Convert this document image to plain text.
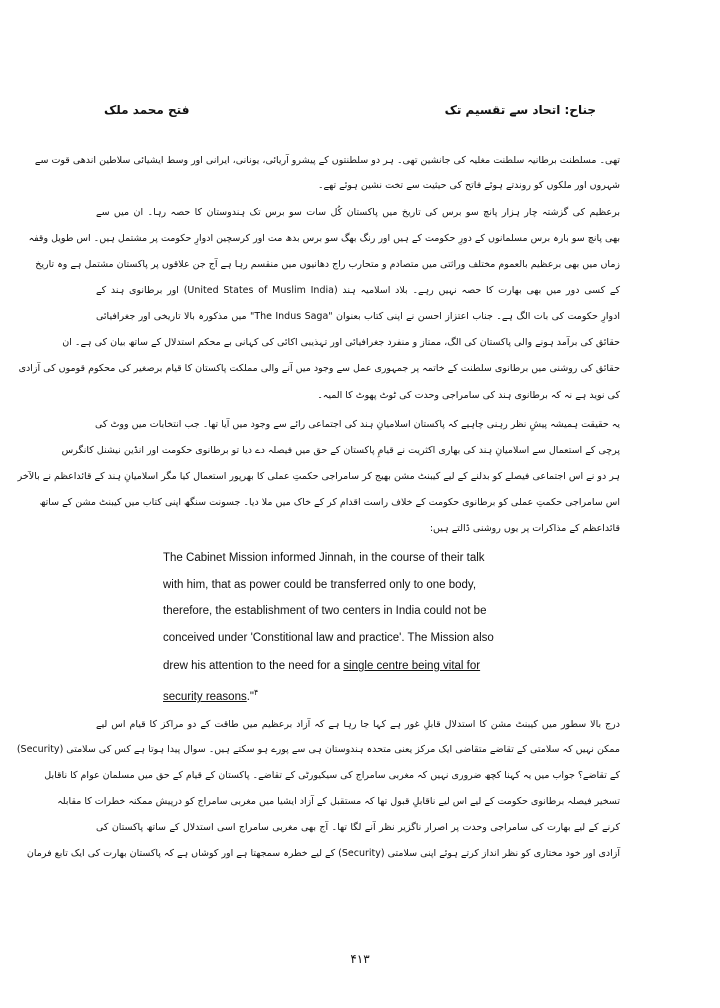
جناح: اتحاد سے تقسیم تک
فتح محمد ملک
تھی۔ مسلطنت برطانیہ سلطنت مغلیہ کی جانشین تھی۔ ہر دو سلطنتوں کے پیشرو آریائی، یونانی، ایرانی اور وسط ایشیائی سلاطین اندھی قوت سے
شہروں اور ملکوں کو روندتے ہوئے فاتح کی حیثیت سے تخت نشین ہوئے تھے۔
برعظیم کی گزشتہ چار ہزار پانچ سو برس کی تاریخ میں پاکستان کُل سات سو برس تک ہندوستان کا حصہ رہا۔ ان میں سے
بھی پانچ سو بارہ برس مسلمانوں کے دورِ حکومت کے ہیں اور رنگ بھگ سو برس بدھ مت اور کرسچین ادوارِ حکومت پر مشتمل ہیں۔ اس طویل وقفہ
زماں میں بھی برعظیم بالعموم مختلف وراثتی میں متصادم و متحارب راج دھانیوں میں منقسم رہا ہے آج جن علاقوں پر پاکستان مشتمل ہے وہ تاریخ
کے کسی دور میں بھی بھارت کا حصہ نہیں رہے۔ بلاد اسلامیہ ہند (United States of Muslim India) اور برطانوی ہند کے
ادوارِ حکومت کی بات الگ ہے۔ جناب اعتزاز احسن نے اپنی کتاب بعنوان "The Indus Saga" میں مذکورہ بالا تاریخی اور جغرافیائی
حقائق کی برآمد ہونے والی پاکستان کی الگ، ممتاز و منفرد جغرافیائی اور تہذیبی اکائی کی کہانی بے محکم استدلال کے ساتھ بیان کی ہے۔ ان
حقائق کی روشنی میں برطانوی سلطنت کے خاتمہ پر جمہوری عمل سے وجود میں آنے والی مملکت پاکستان کا قیام برصغیر کی محکوم قوموں کی آزادی
کی نوید ہے نہ کہ برطانوی ہند کی سامراجی وحدت کی ٹوٹ پھوٹ کا المیہ۔
یہ حقیقت ہمیشہ پیشِ نظر رہنی چاہیے کہ پاکستان اسلامیانِ ہند کی اجتماعی رائے سے وجود میں آیا تھا۔ جب انتخابات میں ووٹ کی
پرچی کے استعمال سے اسلامیانِ ہند کی بھاری اکثریت نے قیامِ پاکستان کے حق میں فیصلہ دے دیا تو برطانوی حکومت اور انڈین نیشنل کانگرس
ہر دو نے اس اجتماعی فیصلے کو بدلنے کے لیے کیبنٹ مشن بھیج کر سامراجی حکمتِ عملی کا بھرپور استعمال کیا مگر اسلامیانِ ہند کے قائداعظم نے بالآخر
اس سامراجی حکمتِ عملی کو برطانوی حکومت کے خلاف راست اقدام کر کے خاک میں ملا دیا۔ جسونت سنگھ اپنی کتاب میں کیبنٹ مشن کے ساتھ
قائداعظم کے مذاکرات پر یوں روشنی ڈالتے ہیں:
The Cabinet Mission informed Jinnah, in the course of their talk
with him, that as power could be transferred only to one body,
therefore, the establishment of two centers in India could not be
conceived under 'Constitional law and practice'. The Mission also
drew his attention to the need for a single centre being vital for
security reasons."$^۴$
درج بالا سطور میں کیبنٹ مشن کا استدلال قابلِ غور ہے کہا جا رہا ہے کہ آزاد برعظیم میں طاقت کے دو مراکز کا قیام اس لیے
ممکن نہیں کہ سلامتی کے تقاضے متقاضی ایک مرکز یعنی متحدہ ہندوستان ہی سے پورے ہو سکتے ہیں۔ سوال پیدا ہوتا ہے کس کی سلامتی (Security)
کے تقاضے؟ جواب میں یہ کہنا کچھ ضروری نہیں کہ مغربی سامراج کی سیکیورٹی کے تقاضے۔ پاکستان کے قیام کے حق میں مسلمان عوام کا ناقابل
تسخیر فیصلہ برطانوی حکومت کے لیے اس لیے ناقابلِ قبول تھا کہ مستقبل کے آزاد ایشیا میں مغربی سامراج کو درپیش ممکنہ خطرات کا مقابلہ
کرنے کے لیے بھارت کی سامراجی وحدت پر اصرار ناگزیر نظر آنے لگا تھا۔ آج بھی مغربی سامراج اسی استدلال کے ساتھ پاکستان کی
آزادی اور خود مختاری کو نظر انداز کرتے ہوئے اپنی سلامتی (Security) کے لیے خطرہ سمجھتا ہے اور کوشاں ہے کہ پاکستان بھارت کی ایک تابع فرمان
۴۱۳
